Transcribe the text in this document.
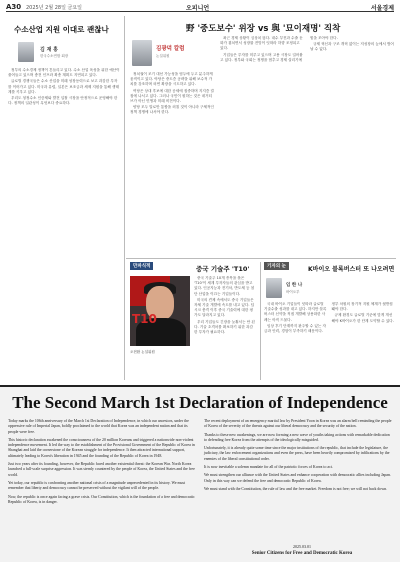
A30 2025년 2월 28일 금요일	오피니언	서울경제
수소산업 지원 이대로 괜찮나
김 재 홍
한국수소연합 회장

정부의 수소경제 정책이 흔들리고 있다. 수소 산업 육성을 위한 예산이 줄어들고 있으며 충전 인프라 확충 계획도 지연되고 있다.

글로벌 경쟁국들은 수소 산업을 미래 성장동력으로 보고 과감한 투자를 이어가고 있다. 미국과 유럽, 일본은 보조금과 세제 지원을 통해 생태계를 키우고 있다.

우리도 청정수소 인증제와 발전 입찰 시장을 안정적으로 운영해야 한다. 정책의 일관성이 무엇보다 중요하다.

野 '중도보수' 위장 vs 與 '묘이재명' 직착
김광덕 칼럼
논설위원

정치권이 조기 대선 가능성을 염두에 두고 분주하게 움직이고 있다. 야당은 중도층 공략을 위해 보수적 가치를 강조하며 외연 확장을 시도하고 있다.

여당은 상대 후보에 대한 공세에 집중하며 지지층 결집에 나서고 있다. 그러나 국민이 원하는 것은 네거티브가 아닌 민생과 미래 비전이다.

양당 모두 말로만 통합을 외칠 것이 아니라 구체적인 정책 경쟁에 나서야 한다.

최근 경제 상황이 심상치 않다. 내수 부진과 수출 둔화가 겹치면서 성장률 전망이 잇따라 하향 조정되고 있다.

기업들은 투자를 미루고 있으며 고용 시장도 얼어붙고 있다. 정부와 국회는 정쟁을 멈추고 경제 살리기에 힘을 모아야 한다.

규제 혁신과 구조 개혁 없이는 저성장의 늪에서 벗어날 수 없다.

만파식적
T10
오현환 논설위원
중국 기술주 'T10'

중국 기술주 10개 종목을 묶은 'T10'이 세계 투자자들의 관심을 받고 있다. 인공지능과 전기차, 반도체 등 첨단 산업을 이끄는 기업들이다.

미국의 견제 속에서도 중국 기업들은 자체 기술 개발에 속도를 내고 있다. 딥시크 충격 이후 중국 기술력에 대한 평가도 달라지고 있다.

우리 기업들도 긴장을 늦춰서는 안 된다. 기술 초격차를 확보하기 위한 과감한 투자가 필요하다.

기자의 눈	K바이오 블록버스터 또 나오려면
임 한 나
바이오부

국내 바이오 기업들이 잇따라 글로벌 기술수출 성과를 내고 있다. 하지만 블록버스터 신약을 직접 개발해 상용화한 사례는 아직 드물다.

임상 후기 단계까지 완주할 수 있는 자금과 인력, 경험이 부족하기 때문이다. 정부 차원의 장기적 지원 체계가 뒷받침돼야 한다.

규제 환경도 글로벌 기준에 맞게 개선해야 K바이오가 한 단계 도약할 수 있다.

The Second March 1st Declaration of Independence

Today marks the 106th anniversary of the March 1st Declaration of Independence, in which our ancestors, under the oppressive rule of Imperial Japan, boldly proclaimed to the world that Korea was an independent nation and that its people were free.

This historic declaration awakened the consciousness of the 20 million Koreans and triggered a nationwide non-violent independence movement. It led the way to the establishment of the Provisional Government of the Republic of Korea in Shanghai and laid the cornerstone of the Korean struggle for independence. It then attracted international support, ultimately leading to Korea's liberation in 1945 and the founding of the Republic of Korea in 1948.

Just two years after its founding, however, the Republic faced another existential threat: the Korean War. North Korea launched a full-scale surprise aggression. It was sternly countered by the people of Korea, the United States and the free world.

Yet today, our republic is confronting another national crisis of a magnitude unprecedented in its history. We must remember that liberty and democracy cannot be preserved without the vigilant will of the people.

Now, the republic is once again facing a grave crisis. Our Constitution, which is the foundation of a free and democratic Republic of Korea, is in danger.

The recent deployment of an emergency martial law by President Yoon in Korea was an alarm bell reminding the people of Korea of the severity of the threats against our liberal democracy and the security of the nation.

Thanks to these new awakenings, we are now forming a new wave of youths taking actions with remarkable dedication to defending free Korea from the attempts of the ideologically misguided.

Unfortunately, it is already quite some time since the major institutions of the republic, that include the legislature, the judiciary, the law enforcement organizations and even the press, have been heavily compromised by infiltrations by the enemies of the liberal constitutional order.

It is now inevitable a solemn mandate for all of the patriotic forces of Korea to act.

We must strengthen our alliance with the United States and enhance cooperation with democratic allies including Japan. Only in this way can we defend the free and democratic Republic of Korea.

We must stand with the Constitution, the rule of law and the free market. Freedom is not free; we will not back down.

2025.03.01
Senior Citizens for Free and Democratic Korea
